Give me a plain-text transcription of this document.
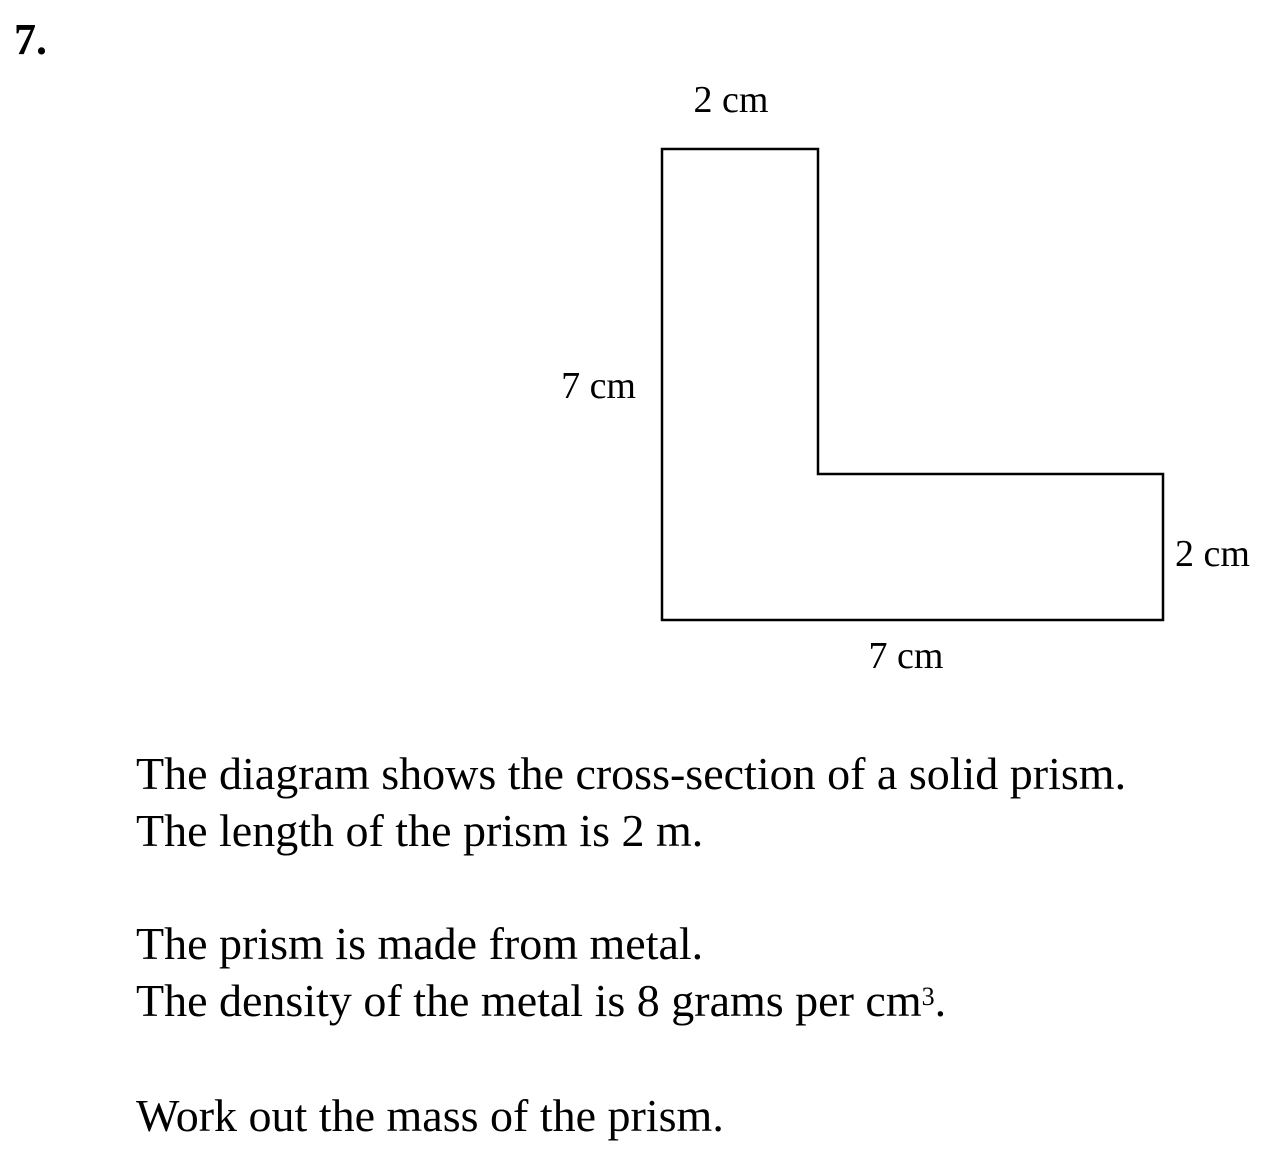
7.
2 cm
7 cm
2 cm
7 cm

The diagram shows the cross-section of a solid prism.

The length of the prism is 2 m.

The prism is made from metal.

The density of the metal is 8 grams per $cm^3$.

Work out the mass of the prism.
